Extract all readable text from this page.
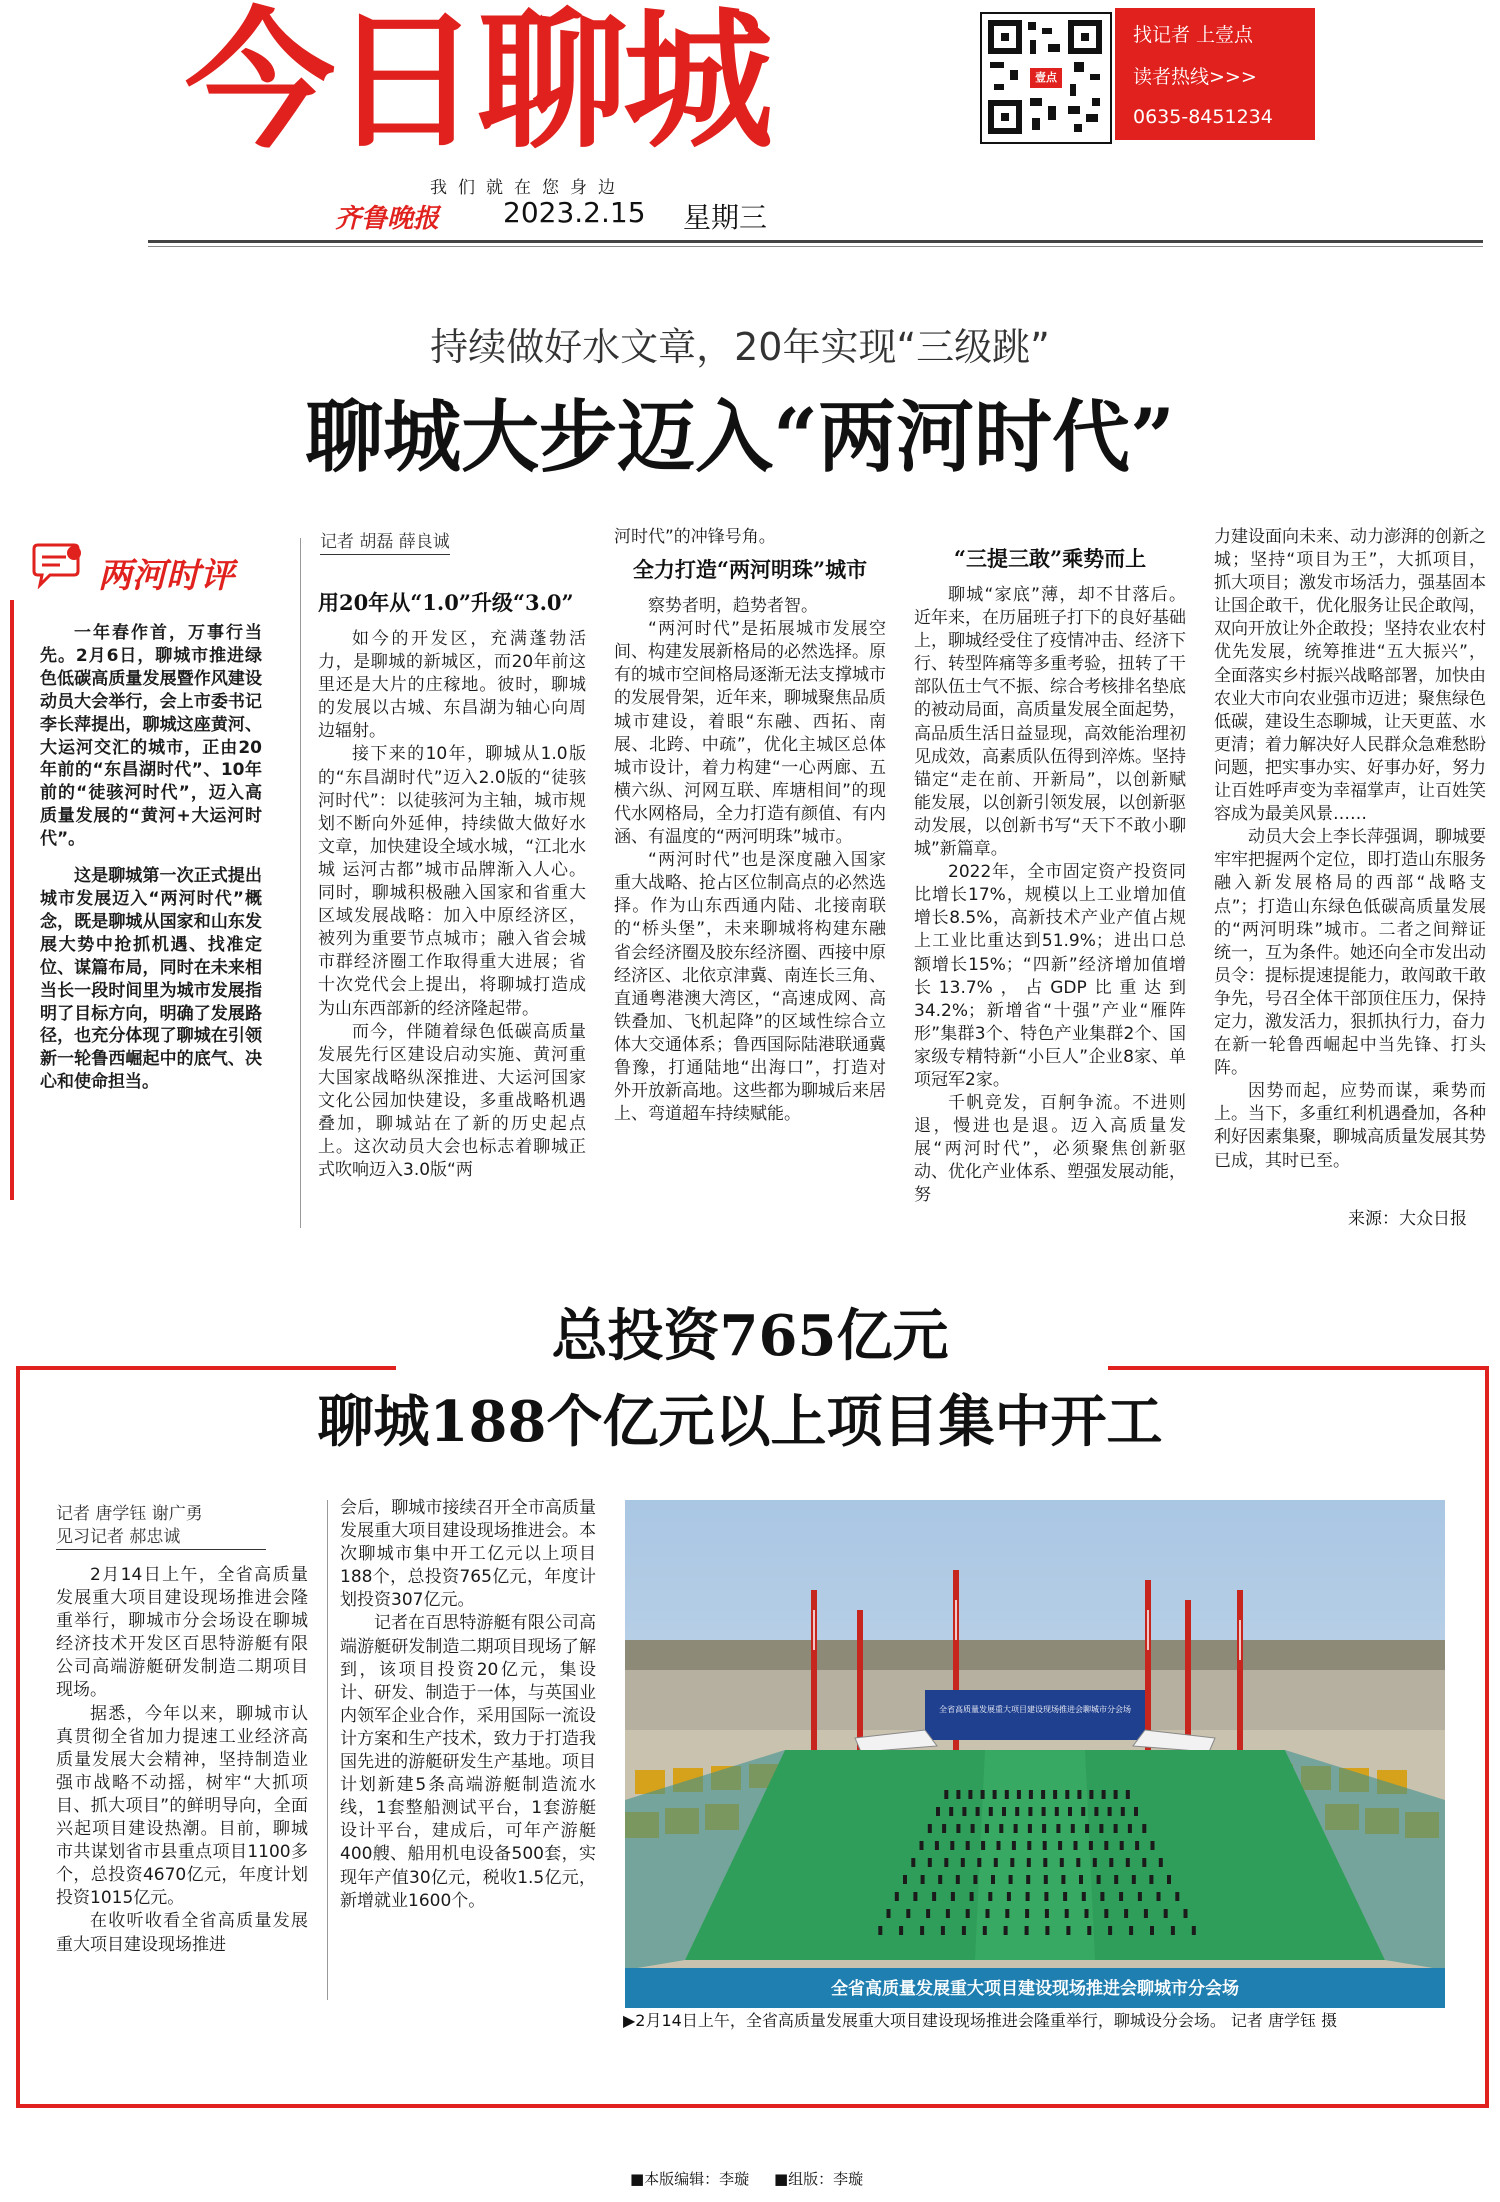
今日聊城	壹点
找记者 上壹点
读者热线>>>
0635-8451234
我们就在您身边
齐鲁晚报 2023.2.15 星期三
持续做好水文章，20年实现“三级跳”
聊城大步迈入“两河时代”
两河时评

一年春作首，万事行当先。2月6日，聊城市推进绿色低碳高质量发展暨作风建设动员大会举行，会上市委书记李长萍提出，聊城这座黄河、大运河交汇的城市，正由20年前的“东昌湖时代”、10年前的“徒骇河时代”，迈入高质量发展的“黄河+大运河时代”。

这是聊城第一次正式提出城市发展迈入“两河时代”概念，既是聊城从国家和山东发展大势中抢抓机遇、找准定位、谋篇布局，同时在未来相当长一段时间里为城市发展指明了目标方向，明确了发展路径，也充分体现了聊城在引领新一轮鲁西崛起中的底气、决心和使命担当。

记者 胡磊 薛良诚
用20年从“1.0”升级“3.0”

如今的开发区，充满蓬勃活力，是聊城的新城区，而20年前这里还是大片的庄稼地。彼时，聊城的发展以古城、东昌湖为轴心向周边辐射。

接下来的10年，聊城从1.0版的“东昌湖时代”迈入2.0版的“徒骇河时代”：以徒骇河为主轴，城市规划不断向外延伸，持续做大做好水文章，加快建设全域水城，“江北水城 运河古都”城市品牌渐入人心。同时，聊城积极融入国家和省重大区域发展战略：加入中原经济区，被列为重要节点城市；融入省会城市群经济圈工作取得重大进展；省十次党代会上提出，将聊城打造成为山东西部新的经济隆起带。

而今，伴随着绿色低碳高质量发展先行区建设启动实施、黄河重大国家战略纵深推进、大运河国家文化公园加快建设，多重战略机遇叠加，聊城站在了新的历史起点上。这次动员大会也标志着聊城正式吹响迈入3.0版“两

河时代”的冲锋号角。

全力打造“两河明珠”城市

察势者明，趋势者智。

“两河时代”是拓展城市发展空间、构建发展新格局的必然选择。原有的城市空间格局逐渐无法支撑城市的发展骨架，近年来，聊城聚焦品质城市建设，着眼“东融、西拓、南展、北跨、中疏”，优化主城区总体城市设计，着力构建“一心两廊、五横六纵、河网互联、库塘相间”的现代水网格局，全力打造有颜值、有内涵、有温度的“两河明珠”城市。

“两河时代”也是深度融入国家重大战略、抢占区位制高点的必然选择。作为山东西通内陆、北接南联的“桥头堡”，未来聊城将构建东融省会经济圈及胶东经济圈、西接中原经济区、北依京津冀、南连长三角、直通粤港澳大湾区，“高速成网、高铁叠加、飞机起降”的区域性综合立体大交通体系；鲁西国际陆港联通冀鲁豫，打通陆地“出海口”，打造对外开放新高地。这些都为聊城后来居上、弯道超车持续赋能。

“三提三敢”乘势而上

聊城“家底”薄，却不甘落后。近年来，在历届班子打下的良好基础上，聊城经受住了疫情冲击、经济下行、转型阵痛等多重考验，扭转了干部队伍士气不振、综合考核排名垫底的被动局面，高质量发展全面起势，高品质生活日益显现，高效能治理初见成效，高素质队伍得到淬炼。坚持锚定“走在前、开新局”，以创新赋能发展，以创新引领发展，以创新驱动发展，以创新书写“天下不敢小聊城”新篇章。

2022年，全市固定资产投资同比增长17%，规模以上工业增加值增长8.5%，高新技术产业产值占规上工业比重达到51.9%；进出口总额增长15%；“四新”经济增加值增长13.7%，占GDP比重达到34.2%；新增省“十强”产业“雁阵形”集群3个、特色产业集群2个、国家级专精特新“小巨人”企业8家、单项冠军2家。

千帆竞发，百舸争流。不进则退，慢进也是退。迈入高质量发展“两河时代”，必须聚焦创新驱动、优化产业体系、塑强发展动能，努

力建设面向未来、动力澎湃的创新之城；坚持“项目为王”，大抓项目，抓大项目；激发市场活力，强基固本让国企敢干，优化服务让民企敢闯，双向开放让外企敢投；坚持农业农村优先发展，统筹推进“五大振兴”，全面落实乡村振兴战略部署，加快由农业大市向农业强市迈进；聚焦绿色低碳，建设生态聊城，让天更蓝、水更清；着力解决好人民群众急难愁盼问题，把实事办实、好事办好，努力让百姓呼声变为幸福掌声，让百姓笑容成为最美风景……

动员大会上李长萍强调，聊城要牢牢把握两个定位，即打造山东服务融入新发展格局的西部“战略支点”；打造山东绿色低碳高质量发展的“两河明珠”城市。二者之间辩证统一，互为条件。她还向全市发出动员令：提标提速提能力，敢闯敢干敢争先，号召全体干部顶住压力，保持定力，激发活力，狠抓执行力，奋力在新一轮鲁西崛起中当先锋、打头阵。

因势而起，应势而谋，乘势而上。当下，多重红利机遇叠加，各种利好因素集聚，聊城高质量发展其势已成，其时已至。

来源：大众日报
总投资765亿元
聊城188个亿元以上项目集中开工
记者 唐学钰 谢广勇
见习记者 郝忠诚

2月14日上午，全省高质量发展重大项目建设现场推进会隆重举行，聊城市分会场设在聊城经济技术开发区百思特游艇有限公司高端游艇研发制造二期项目现场。

据悉，今年以来，聊城市认真贯彻全省加力提速工业经济高质量发展大会精神，坚持制造业强市战略不动摇，树牢“大抓项目、抓大项目”的鲜明导向，全面兴起项目建设热潮。目前，聊城市共谋划省市县重点项目1100多个，总投资4670亿元，年度计划投资1015亿元。

在收听收看全省高质量发展重大项目建设现场推进

会后，聊城市接续召开全市高质量发展重大项目建设现场推进会。本次聊城市集中开工亿元以上项目188个，总投资765亿元，年度计划投资307亿元。

记者在百思特游艇有限公司高端游艇研发制造二期项目现场了解到，该项目投资20亿元，集设计、研发、制造于一体，与英国业内领军企业合作，采用国际一流设计方案和生产技术，致力于打造我国先进的游艇研发生产基地。项目计划新建5条高端游艇制造流水线，1套整船测试平台，1套游艇设计平台，建成后，可年产游艇400艘、船用机电设备500套，实现年产值30亿元，税收1.5亿元，新增就业1600个。

全省高质量发展重大项目建设现场推进会聊城市分会场
全省高质量发展重大项目建设现场推进会聊城市分会场
▶2月14日上午，全省高质量发展重大项目建设现场推进会隆重举行，聊城设分会场。 记者 唐学钰 摄
■本版编辑：李璇 ■组版：李璇
